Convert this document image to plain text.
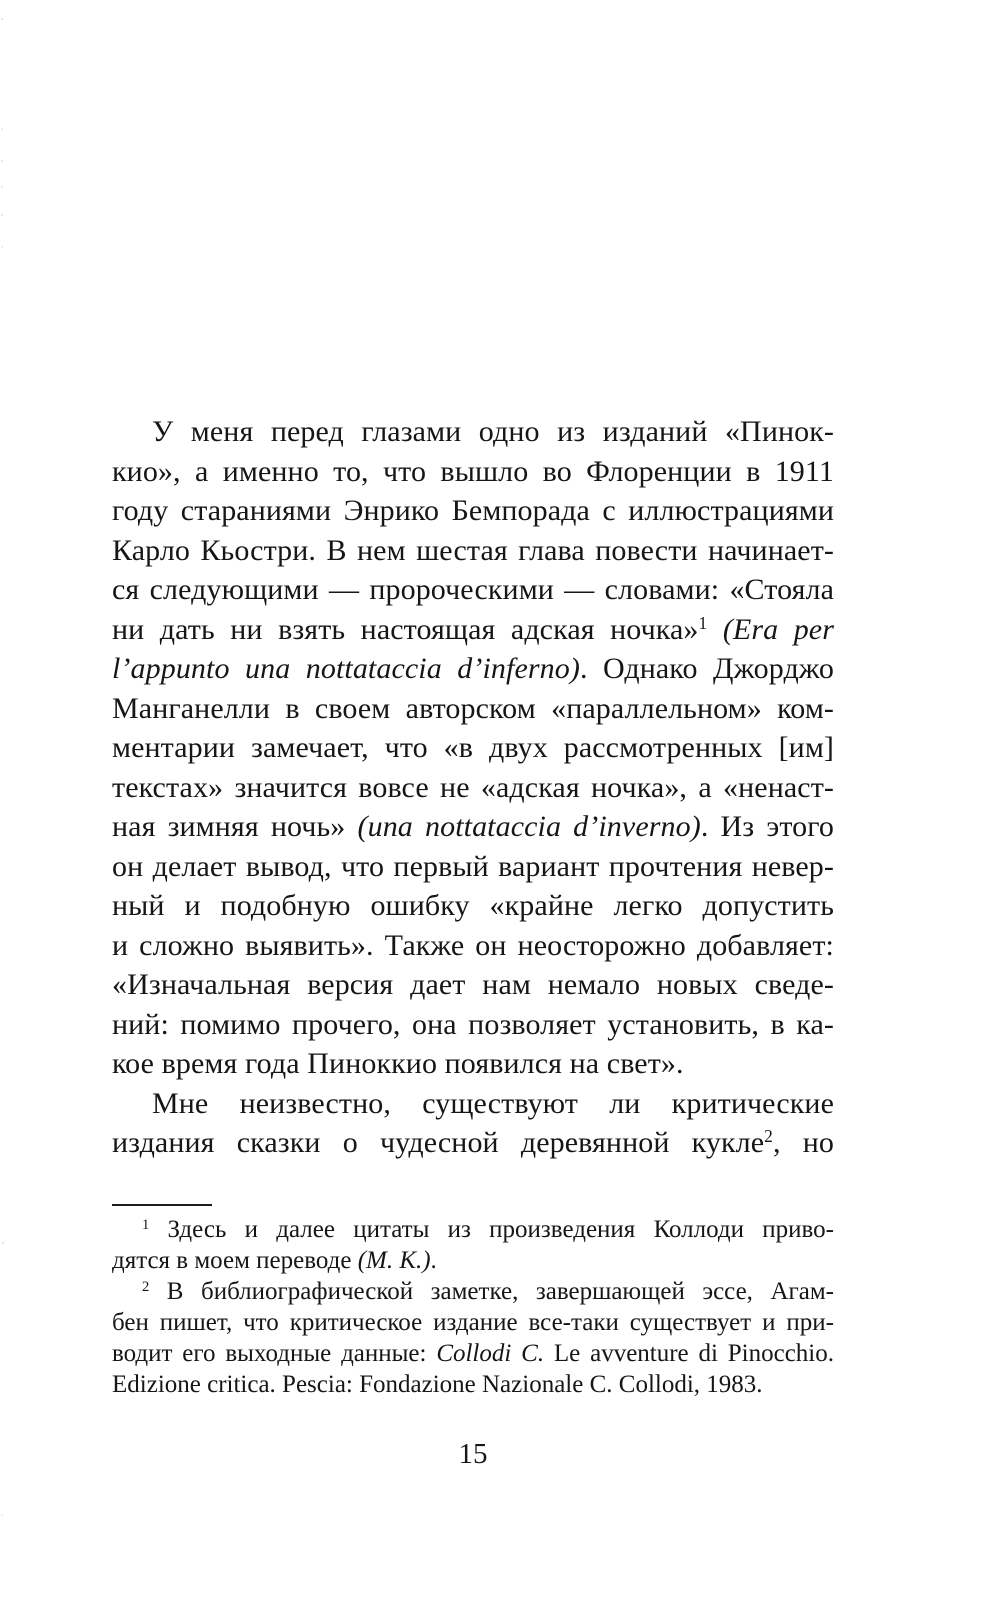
У меня перед глазами одно из изданий «Пинок-
кио», а именно то, что вышло во Флоренции в 1911
году стараниями Энрико Бемпорада с иллюстрациями
Карло Кьостри. В нем шестая глава повести начинает-
ся следующими — пророческими — словами: «Стояла
ни дать ни взять настоящая адская ночка»$^1$ (Era per
l’appunto una nottataccia d’inferno). Однако Джорджо
Манганелли в своем авторском «параллельном» ком-
ментарии замечает, что «в двух рассмотренных [им]
текстах» значится вовсе не «адская ночка», а «ненаст-
ная зимняя ночь» (una nottataccia d’inverno). Из этого
он делает вывод, что первый вариант прочтения невер-
ный и подобную ошибку «крайне легко допустить
и сложно выявить». Также он неосторожно добавляет:
«Изначальная версия дает нам немало новых сведе-
ний: помимо прочего, она позволяет установить, в ка-
кое время года Пиноккио появился на свет».
Мне неизвестно, существуют ли критические
издания сказки о чудесной деревянной кукле$^2$, но
$^1$ Здесь и далее цитаты из произведения Коллоди приво-
дятся в моем переводе (М. К.).
$^2$ В библиографической заметке, завершающей эссе, Агам-
бен пишет, что критическое издание все-таки существует и при-
водит его выходные данные: Collodi C. Le avventure di Pinocchio.
Edizione critica. Pescia: Fondazione Nazionale C. Collodi, 1983.
15
